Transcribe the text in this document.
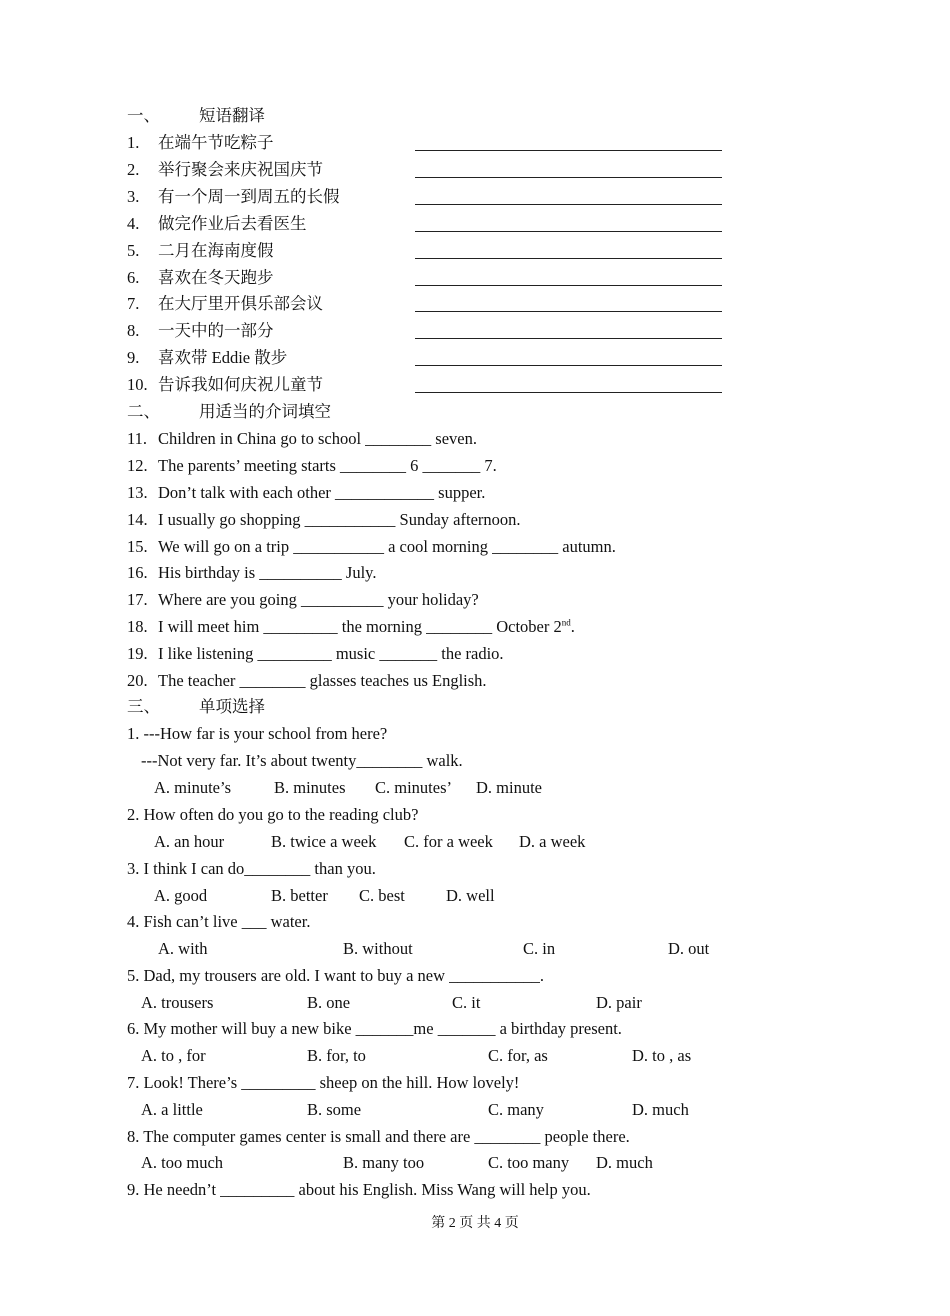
一、 短语翻译
1. 在端午节吃粽子
2. 举行聚会来庆祝国庆节
3. 有一个周一到周五的长假
4. 做完作业后去看医生
5. 二月在海南度假
6. 喜欢在冬天跑步
7. 在大厅里开俱乐部会议
8. 一天中的一部分
9. 喜欢带 Eddie 散步
10. 告诉我如何庆祝儿童节
二、 用适当的介词填空
11. Children in China go to school ________ seven.
12. The parents’ meeting starts ________ 6 _______ 7.
13. Don’t talk with each other ____________ supper.
14. I usually go shopping ___________ Sunday afternoon.
15. We will go on a trip ___________ a cool morning ________ autumn.
16. His birthday is __________ July.
17. Where are you going __________ your holiday?
18. I will meet him _________ the morning ________ October 2nd.
19. I like listening _________ music _______ the radio.
20. The teacher ________ glasses teaches us English.
三、 单项选择
1. ---How far is your school from here?
---Not very far. It’s about twenty________ walk.
A. minute’s	B. minutes C. minutes’ D. minute
2. How often do you go to the reading club?
A. an hour	B. twice a week C. for a week D. a week
3. I think I can do________ than you.
A. good	B. better C. best D. well
4. Fish can’t live ___ water.
A. with	B. without	C. in	D. out
5. Dad, my trousers are old. I want to buy a new ___________.
A. trousers	B. one	C. it	D. pair
6. My mother will buy a new bike _______me _______ a birthday present.
A. to , for	B. for, to	C. for, as	D. to , as
7. Look! There’s _________ sheep on the hill. How lovely!
A. a little	B. some	C. many	D. much
8. The computer games center is small and there are ________ people there.
A. too much	B. many too	C. too many D. much
9. He needn’t _________ about his English. Miss Wang will help you.
第 2 页 共 4 页
